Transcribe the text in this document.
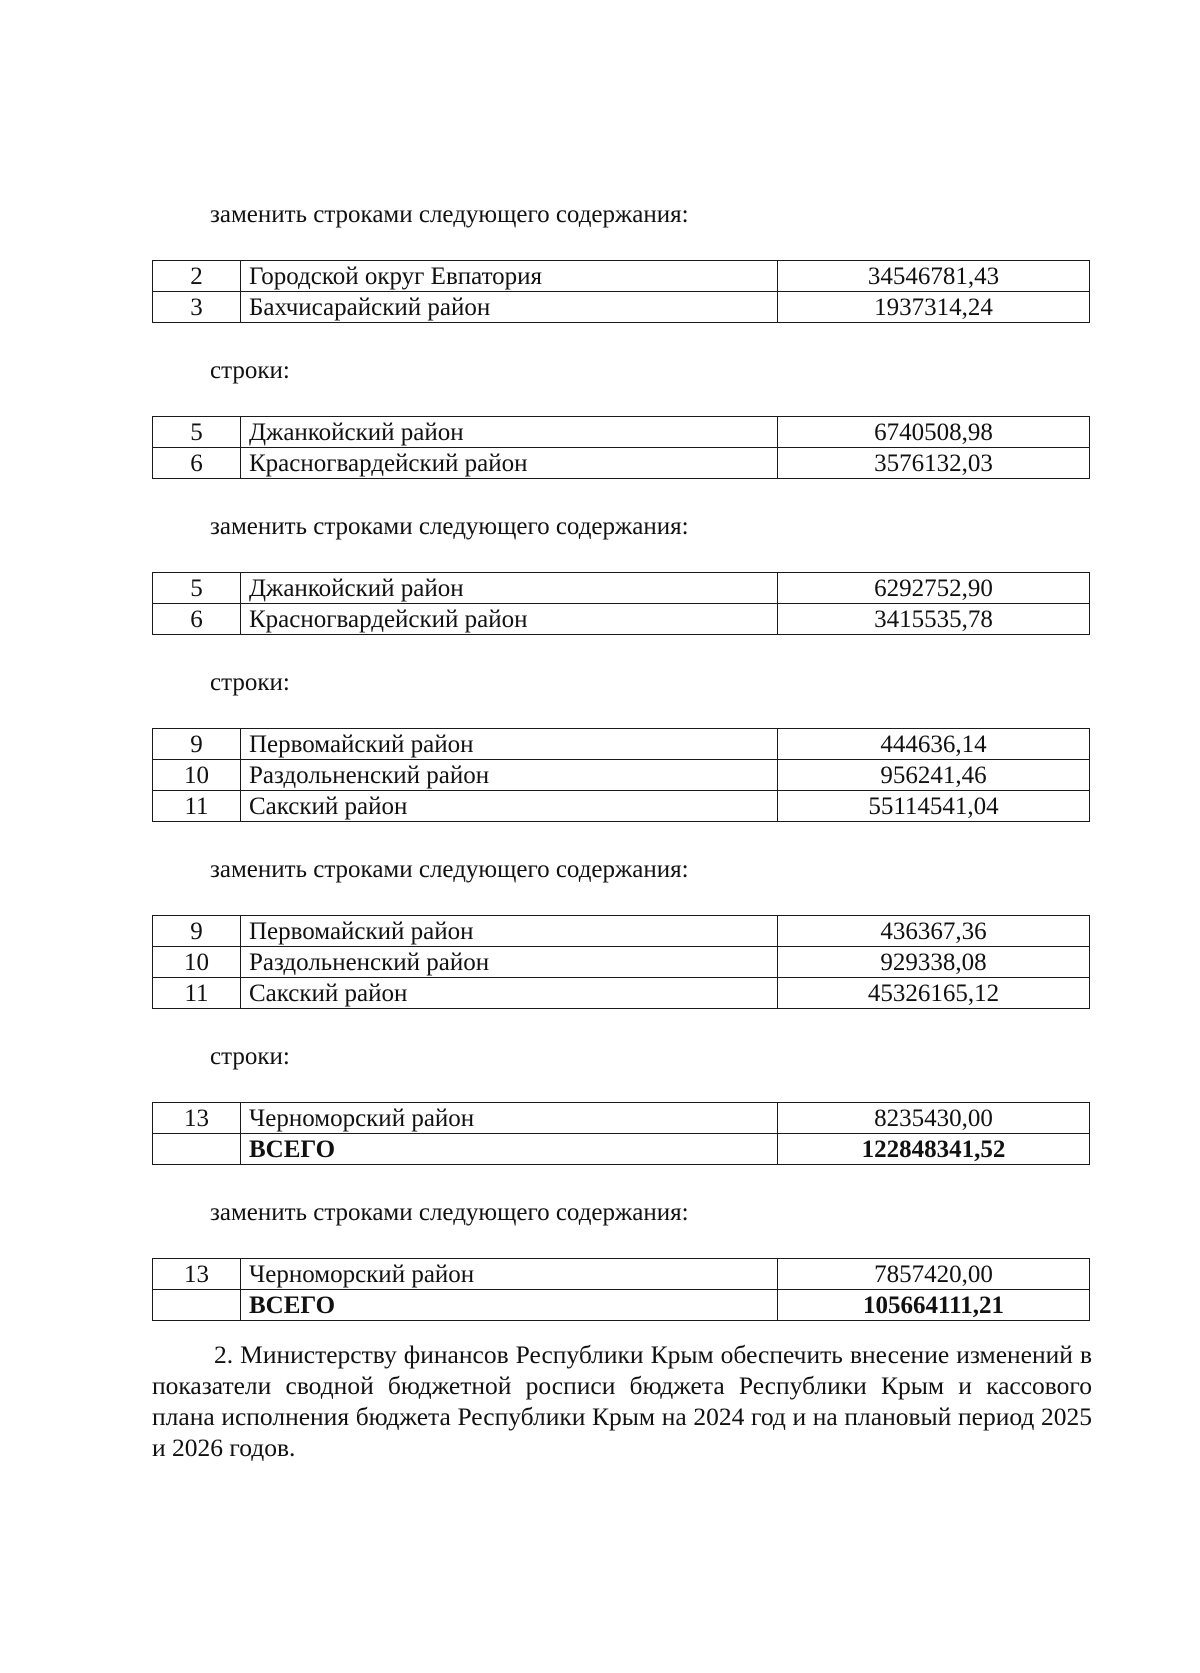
заменить строками следующего содержания:
2	Городской округ Евпатория	34546781,43
3	Бахчисарайский район	1937314,24
строки:
5	Джанкойский район	6740508,98
6	Красногвардейский район	3576132,03
заменить строками следующего содержания:
5	Джанкойский район	6292752,90
6	Красногвардейский район	3415535,78
строки:
9	Первомайский район	444636,14
10	Раздольненский район	956241,46
11	Сакский район	55114541,04
заменить строками следующего содержания:
9	Первомайский район	436367,36
10	Раздольненский район	929338,08
11	Сакский район	45326165,12
строки:
13	Черноморский район	8235430,00
	ВСЕГО	122848341,52
заменить строками следующего содержания:
13	Черноморский район	7857420,00
	ВСЕГО	105664111,21

2. Министерству финансов Республики Крым обеспечить внесение изменений в показатели сводной бюджетной росписи бюджета Республики Крым и кассового плана исполнения бюджета Республики Крым на 2024 год и на плановый период 2025 и 2026 годов.
